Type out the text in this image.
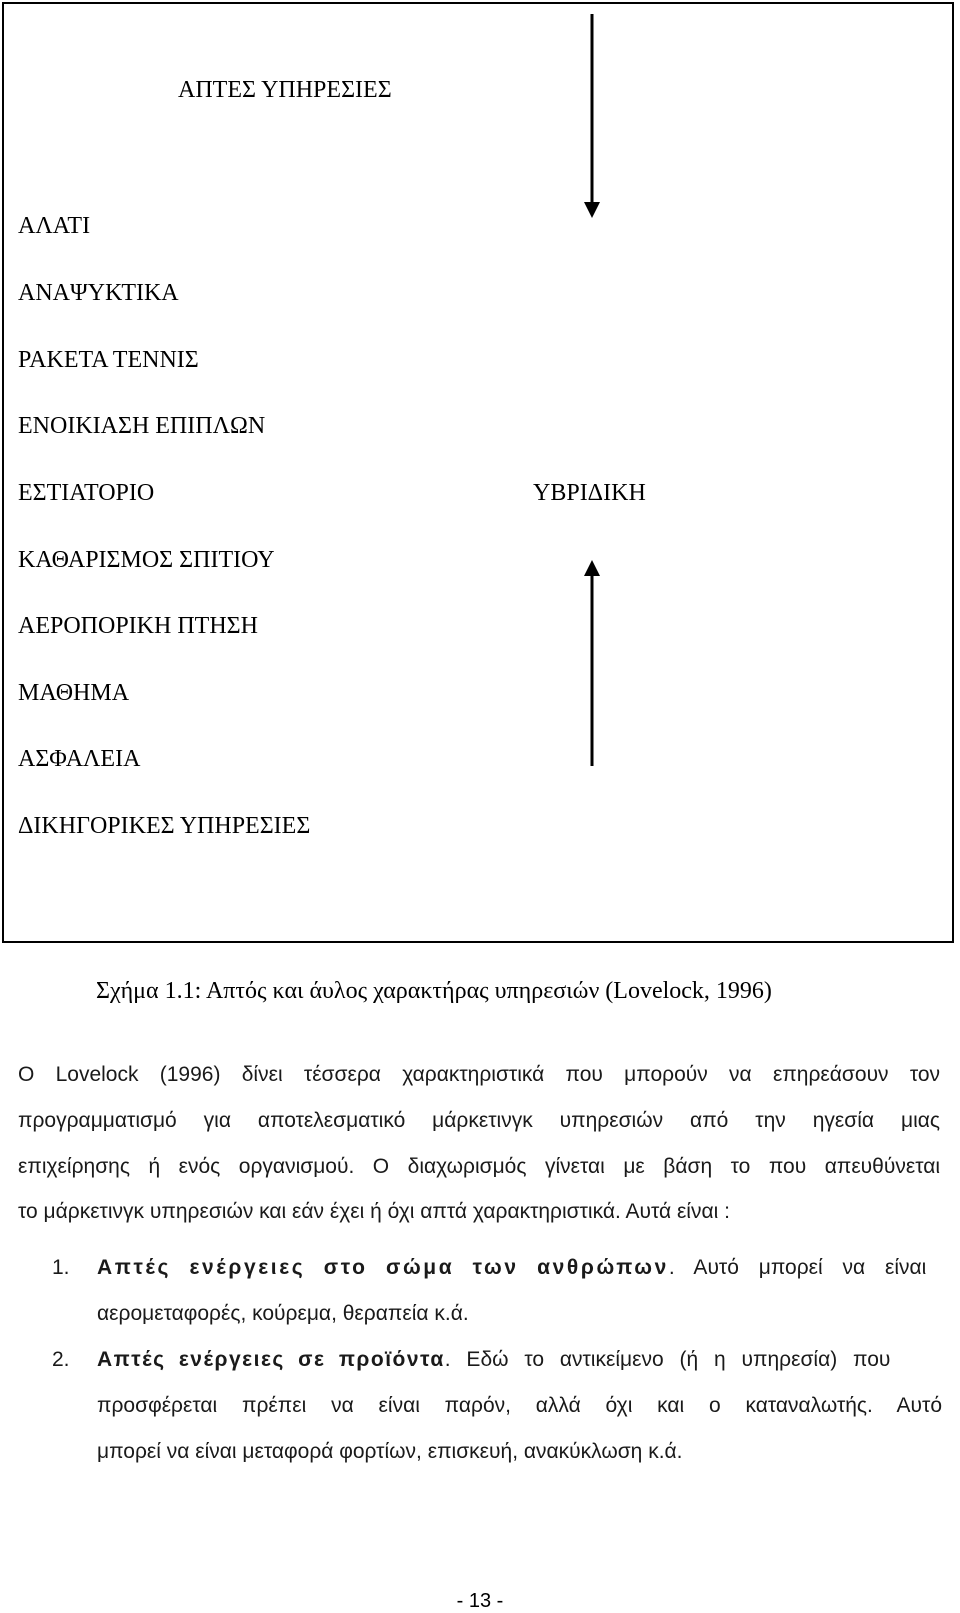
ΑΠΤΕΣ ΥΠΗΡΕΣΙΕΣ
ΑΛΑΤΙ
ΑΝΑΨΥΚΤΙΚΑ
ΡΑΚΕΤΑ ΤΕΝΝΙΣ
ΕΝΟΙΚΙΑΣΗ ΕΠΙΠΛΩΝ
ΕΣΤΙΑΤΟΡΙΟ
ΚΑΘΑΡΙΣΜΟΣ ΣΠΙΤΙΟΥ
ΑΕΡΟΠΟΡΙΚΗ ΠΤΗΣΗ
ΜΑΘΗΜΑ
ΑΣΦΑΛΕΙΑ
ΔΙΚΗΓΟΡΙΚΕΣ ΥΠΗΡΕΣΙΕΣ
ΥΒΡΙΔΙΚΗ
Σχήμα 1.1: Απτός και άυλος χαρακτήρας υπηρεσιών (Lovelock, 1996)
Ο Lovelock (1996) δίνει τέσσερα χαρακτηριστικά που μπορούν να επηρεάσουν τον
προγραμματισμό για αποτελεσματικό μάρκετινγκ υπηρεσιών από την ηγεσία μιας
επιχείρησης ή ενός οργανισμού. Ο διαχωρισμός γίνεται με βάση το που απευθύνεται
το μάρκετινγκ υπηρεσιών και εάν έχει ή όχι απτά χαρακτηριστικά. Αυτά είναι :
1. Απτές ενέργειες στο σώμα των ανθρώπων . Αυτό μπορεί να είναι
αερομεταφορές, κούρεμα, θεραπεία κ.ά.
2. Απτές ενέργειες σε προϊόντα . Εδώ το αντικείμενο (ή η υπηρεσία) που
προσφέρεται πρέπει να είναι παρόν, αλλά όχι και ο καταναλωτής. Αυτό
μπορεί να είναι μεταφορά φορτίων, επισκευή, ανακύκλωση κ.ά.
- 13 -
